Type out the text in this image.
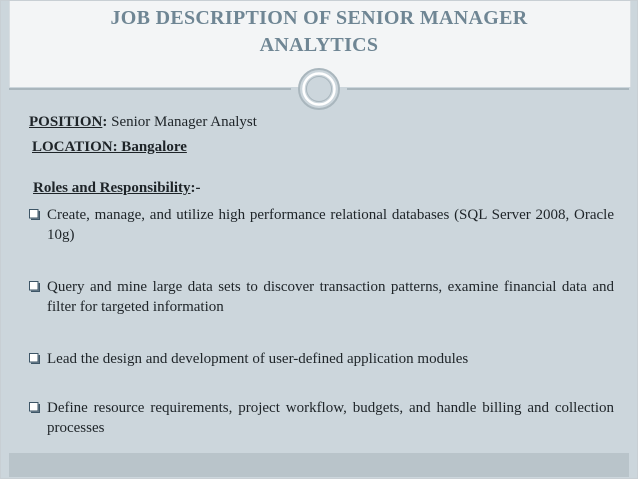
JOB DESCRIPTION OF SENIOR MANAGER
ANALYTICS
POSITION: Senior Manager Analyst
LOCATION: Bangalore
Roles and Responsibility:-
Create, manage, and utilize high performance relational databases (SQL Server 2008, Oracle 10g)
Query and mine large data sets to discover transaction patterns, examine financial data and filter for targeted information
Lead the design and development of user-defined application modules
Define resource requirements, project workflow, budgets, and handle billing and collection processes
